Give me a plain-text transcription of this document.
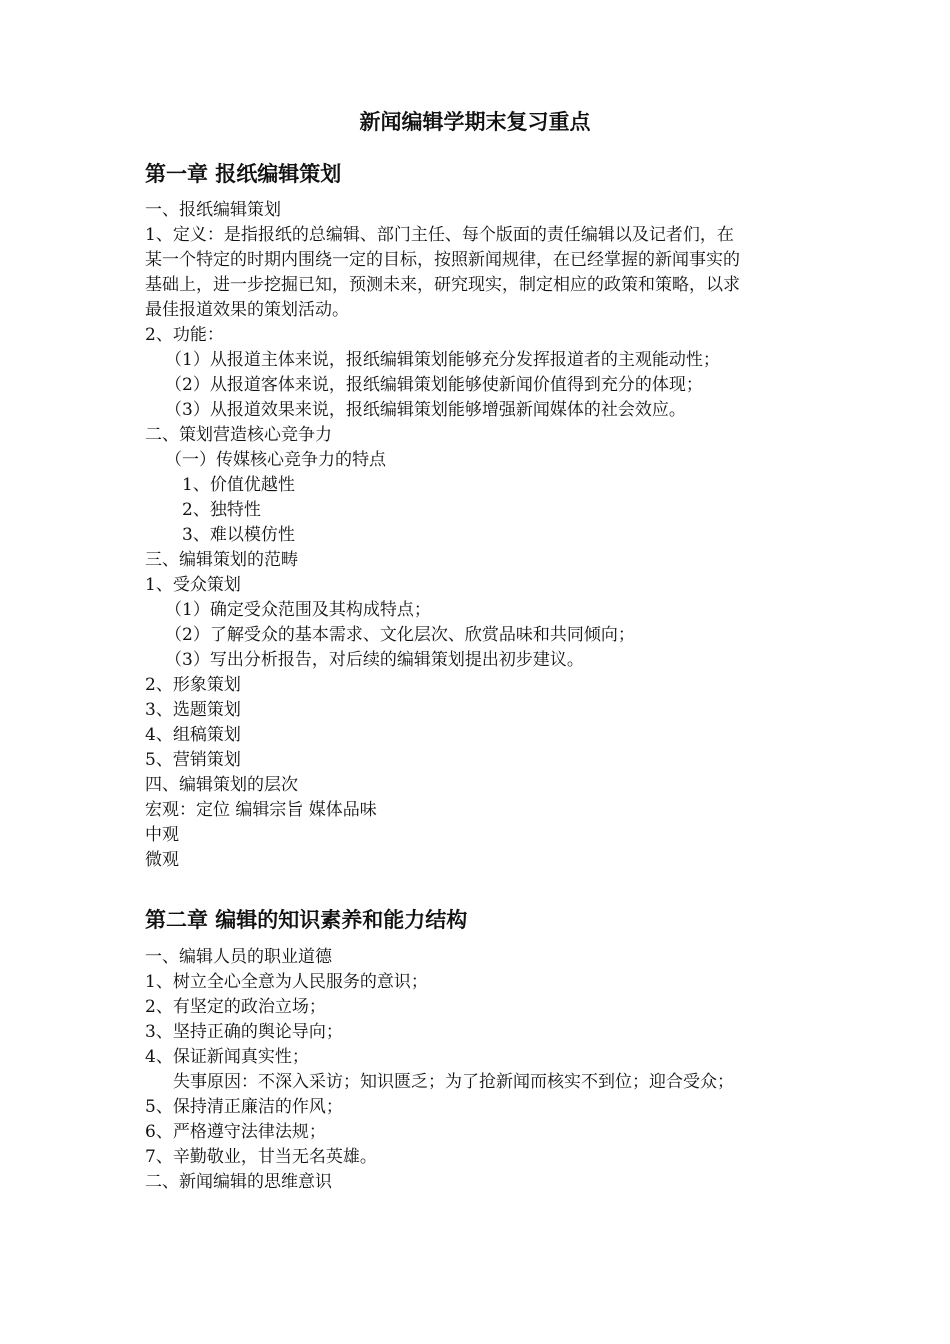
新闻编辑学期末复习重点
第一章 报纸编辑策划
一、报纸编辑策划
1、定义：是指报纸的总编辑、部门主任、每个版面的责任编辑以及记者们，在
某一个特定的时期内围绕一定的目标，按照新闻规律，在已经掌握的新闻事实的
基础上，进一步挖掘已知，预测未来，研究现实，制定相应的政策和策略，以求
最佳报道效果的策划活动。
2、功能：
（1）从报道主体来说，报纸编辑策划能够充分发挥报道者的主观能动性；
（2）从报道客体来说，报纸编辑策划能够使新闻价值得到充分的体现；
（3）从报道效果来说，报纸编辑策划能够增强新闻媒体的社会效应。
二、策划营造核心竞争力
（一）传媒核心竞争力的特点
1、价值优越性
2、独特性
3、难以模仿性
三、编辑策划的范畴
1、受众策划
（1）确定受众范围及其构成特点；
（2）了解受众的基本需求、文化层次、欣赏品味和共同倾向；
（3）写出分析报告，对后续的编辑策划提出初步建议。
2、形象策划
3、选题策划
4、组稿策划
5、营销策划
四、编辑策划的层次
宏观：定位 编辑宗旨 媒体品味
中观
微观
第二章 编辑的知识素养和能力结构
一、编辑人员的职业道德
1、树立全心全意为人民服务的意识；
2、有坚定的政治立场；
3、坚持正确的舆论导向；
4、保证新闻真实性；
失事原因：不深入采访；知识匮乏；为了抢新闻而核实不到位；迎合受众；
5、保持清正廉洁的作风；
6、严格遵守法律法规；
7、辛勤敬业，甘当无名英雄。
二、新闻编辑的思维意识
